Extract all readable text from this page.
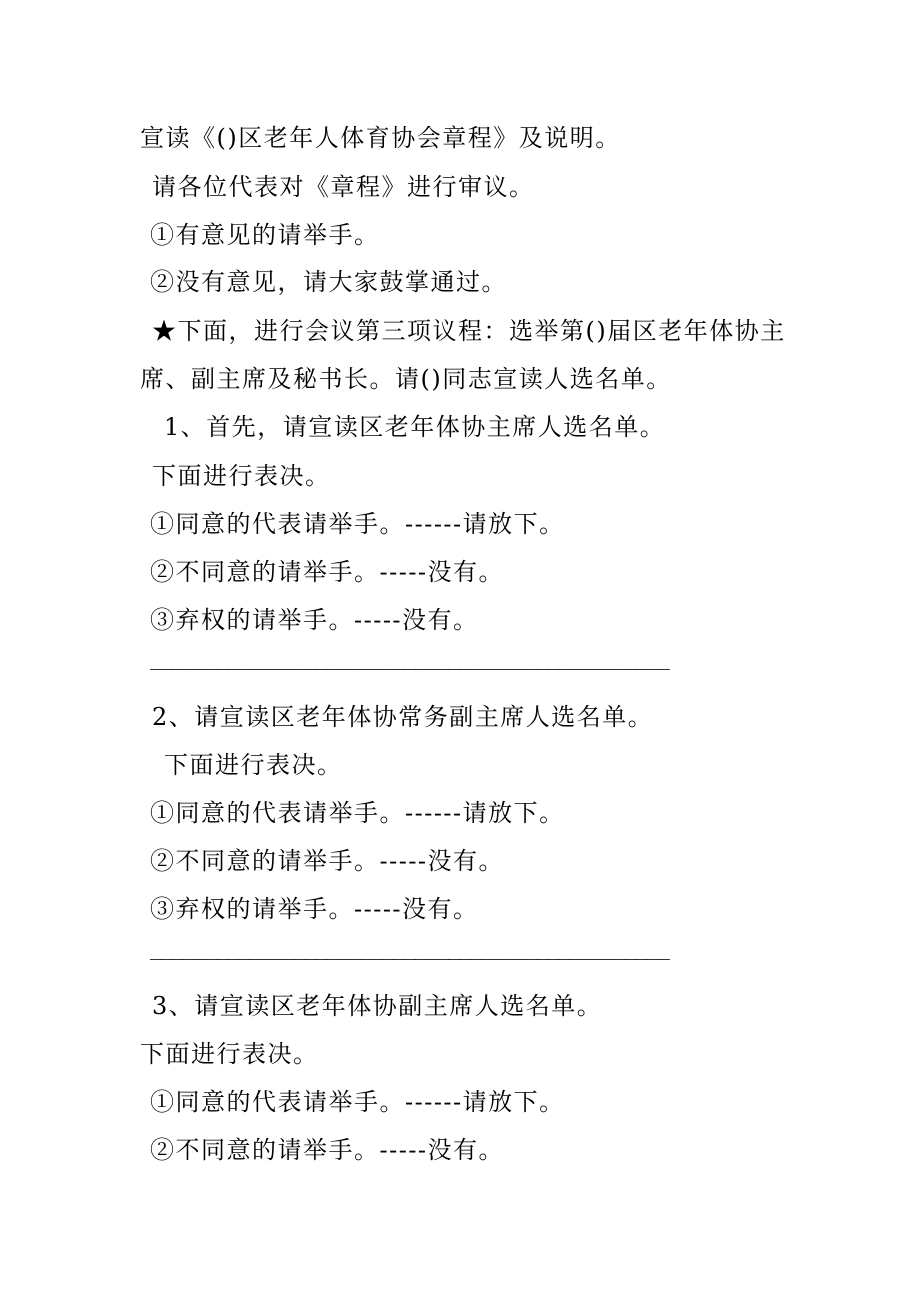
宣读《()区老年人体育协会章程》及说明。
请各位代表对《章程》进行审议。
①有意见的请举手。
②没有意见，请大家鼓掌通过。
★下面，进行会议第三项议程：选举第()届区老年体协主
席、副主席及秘书长。请()同志宣读人选名单。
1、首先，请宣读区老年体协主席人选名单。
下面进行表决。
①同意的代表请举手。------请放下。
②不同意的请举手。-----没有。
③弃权的请举手。-----没有。
_______________________________________________
2、请宣读区老年体协常务副主席人选名单。
下面进行表决。
①同意的代表请举手。------请放下。
②不同意的请举手。-----没有。
③弃权的请举手。-----没有。
_______________________________________________
3、请宣读区老年体协副主席人选名单。
下面进行表决。
①同意的代表请举手。------请放下。
②不同意的请举手。-----没有。
